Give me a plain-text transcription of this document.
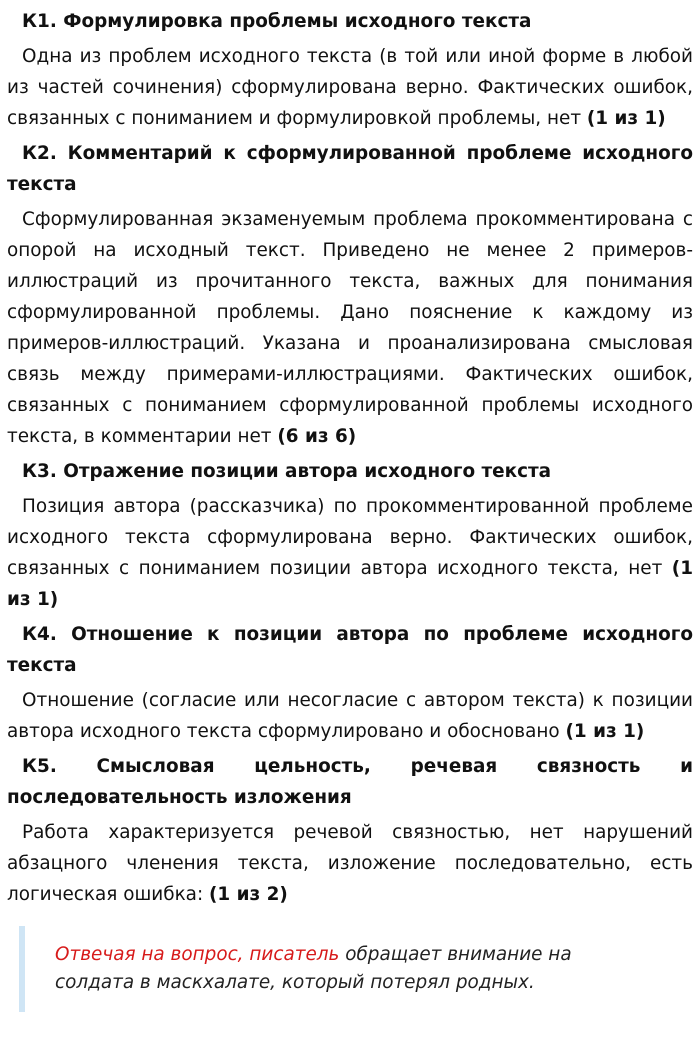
К1. Формулировка проблемы исходного текста
Одна из проблем исходного текста (в той или иной форме в любой из частей сочинения) сформулирована верно. Фактических ошибок, связанных с пониманием и формулировкой проблемы, нет (1 из 1)
К2. Комментарий к сформулированной проблеме исходного текста
Сформулированная экзаменуемым проблема прокомментирована с опорой на исходный текст. Приведено не менее 2 примеров-иллюстраций из прочитанного текста, важных для понимания сформулированной проблемы. Дано пояснение к каждому из примеров-иллюстраций. Указана и проанализирована смысловая связь между примерами-иллюстрациями. Фактических ошибок, связанных с пониманием сформулированной проблемы исходного текста, в комментарии нет (6 из 6)
К3. Отражение позиции автора исходного текста
Позиция автора (рассказчика) по прокомментированной проблеме исходного текста сформулирована верно. Фактических ошибок, связанных с пониманием позиции автора исходного текста, нет (1 из 1)
К4. Отношение к позиции автора по проблеме исходного текста
Отношение (согласие или несогласие с автором текста) к позиции автора исходного текста сформулировано и обосновано (1 из 1)
К5. Смысловая цельность, речевая связность и последовательность изложения
Работа характеризуется речевой связностью, нет нарушений абзацного членения текста, изложение последовательно, есть логическая ошибка: (1 из 2)
Отвечая на вопрос, писатель обращает внимание на солдата в маскхалате, который потерял родных.
